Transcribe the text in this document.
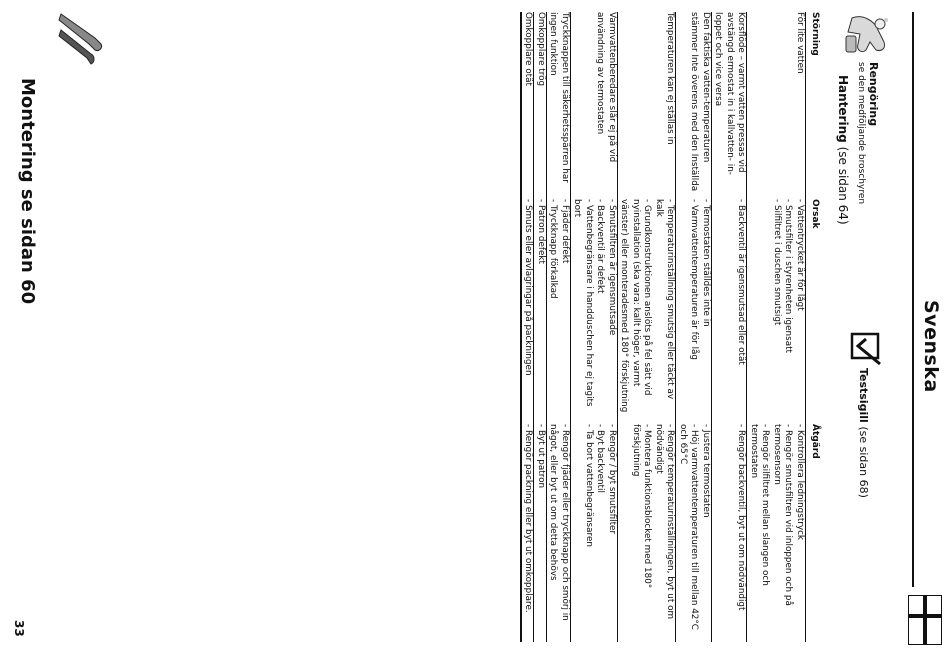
Svenska
Rengöring
se den medföljande broschyren
Testsigill (se sidan 68)
Hantering (se sidan 64)
Störning
Orsak
Åtgärd
För lite vatten
- Vattentrycket är för lågt
- Smutsfilter i styrenheten igensatt
- Silfiltret i duschen smutsigt
- Kontrollera ledningstryck
- Rengör smutsfiltren vid inloppen och på termosensorn
- Rengör silfiltret mellan slangen och termostaten
Korsflöde – varmt vatten pressas vid avstängd ermostat in i kallvatten- in-loppet och vice versa
- Backventil är igensmutsad eller otät
- Rengör backventil, byt ut om nödvändigt
Den faktiska vatten-temperaturen stämmer Inte överens med den Inställda
- Termostaten ställdes inte in
- Varmvattentemperaturen är för låg
- Justera termostaten
- Höj varmvattentemperaturen till mellan 42°C och 65°C
Temperaturen kan ej ställas in
- Temperaturinställning smutsig eller täckt av kalk
- Grundkonstruktionen anslöts på fel sätt vid nyinstallation (ska vara: kallt höger, varmt vänster) eller monteradesmed 180° förskjutning
- Rengör temperaturinställningen, byt ut om nödvändigt
- Montera funktionsblocket med 180° förskjutning
Varmvattenberedare slår ej på vid användning av termostaten
- Smutsfiltren är igensmutsade
- Backventil är defekt
- Vattenbegränsare i handduschen har ej tagits bort
- Rengör / byt smutsfilter
- Byt backventil
- Ta bort vattenbegränsaren
Tryckknappen till säkerhetsspärren har ingen funktion
- Fjäder defekt
- Tryckknapp förkalkad
- Rengör fjäder eller tryckknapp och smörj in något, eller byt ut om detta behövs
Omkopplare trög
- Patron defekt
- Byt ut patron
Omkopplare otät
- Smuts eller avlagringar på packningen
- Rengör packning eller byt ut omkopplare.
Montering se sidan 60
33
